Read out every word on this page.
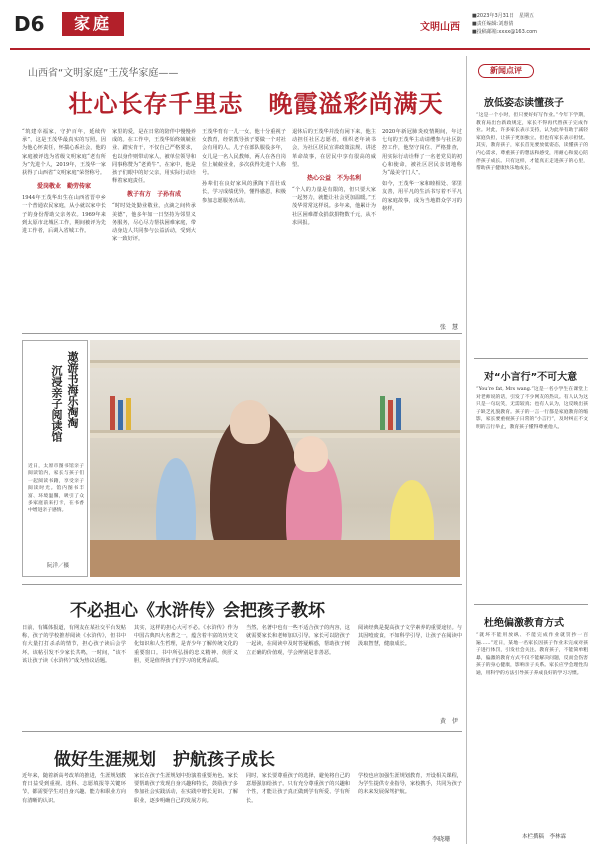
D6	家庭	文明山西
■2023年3月31日　星期五
■责任编辑:刘惠倩
■投稿邮箱:xxxx@163.com
山西省“文明家庭”王茂华家庭——
壮心长存千里志　晚霞溢彩尚满天
“筑建幸福家，守护百年，延续传承”，这是王茂华最真实的写照。因为他心怀责任，怀揣心系社会，他的家庭被评选为省级文明家庭“老有所为”先进个人，2019年，王茂华一家获得了山西省“文明家庭”荣誉称号。
爱岗敬业　勤劳传家
1944年王茂华出生在山西省晋中乡一个普通农民家庭，从小就以家中长子的身份帮助父亲务农。1969年来到太原市北城区工作，期间被评为先进工作者，后调入省城工作。
家里的爱，是在日常的陪伴中慢慢养成的。在工作中，王茂华始终兢兢业业、踏实肯干，不仅自己严格要求，也以身作则带动家人，被单位领导和同事称赞为“老黄牛”。在家中，他是孩子们眼中的好父亲，用实际行动诠释着家庭责任。
教子有方　子孙有成
“时时处处勤业敬业，点滴之间传承美德”，他多年如一日坚持为邻里义务服务，尽心尽力帮扶困难家庭，带动身边人共同参与公益活动，受到大家一致好评。
王茂华育有一儿一女，他十分重视子女教育，经常教导孩子要做一个对社会有用的人。儿子在部队服役多年，女儿是一名人民教师，两人在各自岗位上兢兢业业，多次获得先进个人称号。
孙辈们在良好家风的熏陶下茁壮成长，学习成绩优异，懂得感恩，积极参加志愿服务活动。
退休后的王茂华并没有闲下来，他主动担任社区志愿者，组织老年读书会，为社区居民宣讲政策法规、讲述革命故事，在居民中享有很高的威望。
热心公益　不为名利
“个人的力量是有限的，但只要大家一起努力，就能让社会更加温暖。”王茂华常常这样说。多年来，他累计为社区困难群众捐款捐物数千元，从不求回报。
2020年新冠肺炎疫情期间，年过七旬的王茂华主动请缨参与社区防控工作，他坚守岗位、严格排查，用实际行动诠释了一名老党员的初心和使命，被社区居民亲切地称为“最美守门人”。
如今，王茂华一家和睦相处、邻里友善，用平凡的生活书写着不平凡的家庭故事，成为当地群众学习的榜样。
张　慧
遨游书海乐淘淘
沉浸亲子阅读馆
近日，太原市图书馆亲子阅读馆内，家长与孩子们一起阅读书籍，享受亲子阅读时光。馆内图书丰富、环境温馨，吸引了众多家庭前来打卡，在书香中增进亲子感情。
阮洋／摄
不必担心《水浒传》会把孩子教坏
日前，有媒体报道，有网友在某社交平台发帖称，孩子的学校推荐阅读《水浒传》，但书中有大量打打杀杀的情节，担心孩子读后会学坏。该帖引发不少家长共鸣，一时间，“该不该让孩子读《水浒传》”成为热议话题。
其实，这样的担心大可不必。《水浒传》作为中国古典四大名著之一，蕴含着丰富的历史文化知识和人生哲理，是青少年了解传统文化的重要窗口。书中所弘扬的忠义精神、侠肝义胆，更是值得孩子们学习的优秀品质。
当然，名著中也有一些不适合孩子的内容，这就需要家长和老师加以引导。家长可以陪孩子一起读，在阅读中及时答疑解惑，帮助孩子树立正确的价值观，学会辨别是非善恶。
阅读经典是提高孩子文学素养的重要途径。与其因噎废食，不如科学引导，让孩子在阅读中汲取智慧，健康成长。
黄　伊
做好生涯规划　护航孩子成长
近年来，随着新高考改革的推进，生涯规划教育日益受到重视。选科、志愿填报等关键环节，都需要学生对自身兴趣、能力和职业方向有清晰的认识。
家长在孩子生涯规划中扮演着重要角色。家长要帮助孩子发现自身兴趣和特长，鼓励孩子多参加社会实践活动，在实践中增长见识、了解职业，逐步明确自己的发展方向。
同时，家长要尊重孩子的选择，避免将自己的意愿强加给孩子。只有充分尊重孩子的兴趣和个性，才能让孩子真正做到学有所爱、学有所长。
学校也应加强生涯规划教育，开设相关课程，为学生提供专业指导，家校携手，共同为孩子的未来发展保驾护航。
李晓珊
新闻点评
放低姿态读懂孩子
“这是一个小时，但只要好好写作业。”今年下学期，教育局出台新政规定，家长不得再代替孩子完成作业。对此，许多家长表示支持，认为此举有助于减轻家庭负担，让孩子更加独立。但也有家长表示担忧。其实，教育孩子，家长首先要放低姿态，读懂孩子的内心需求，尊重孩子的想法和感受，用耐心和爱心陪伴孩子成长。只有这样，才能真正走进孩子的心里，帮助孩子健康快乐地成长。
对“小言行”不可大意
“You’re fat, Mrs wang.”这是一名小学生在课堂上对老师说的话，引发了不少网友的热议。有人认为这只是一句玩笑，无需较真；也有人认为，这反映出孩子缺乏礼貌教育。孩子的一言一行都是家庭教育的缩影，家长要重视孩子日常的“小言行”，及时纠正不文明的言行举止，教育孩子懂得尊重他人。
杜绝偏激教育方式
“就坏不能用放纵、不能完成作业就罚抄一百遍……”近日，某地一名家长因孩子作业未完成对孩子进行体罚，引发社会关注。教育孩子，不能简单粗暴，偏激的教育方式不仅不能解决问题，反而会伤害孩子的身心健康，影响亲子关系。家长应学会理性沟通，用科学的方法引导孩子养成良好的学习习惯。
本栏撰稿　李林霖
